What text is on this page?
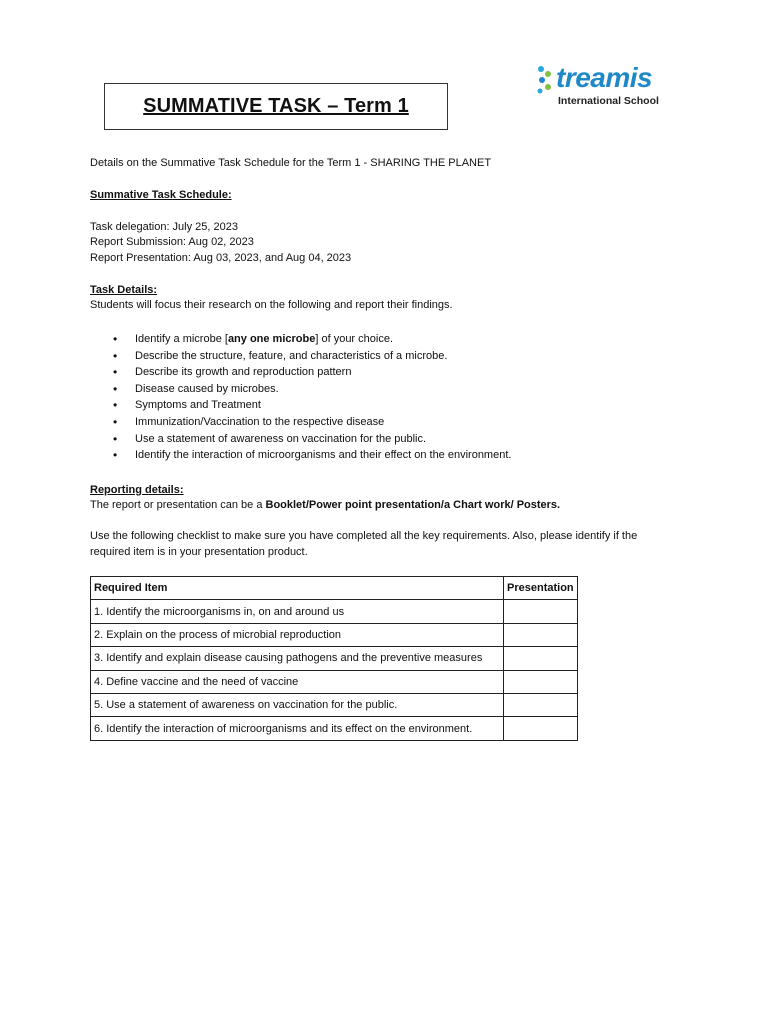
SUMMATIVE TASK – Term 1
treamis
International School
Details on the Summative Task Schedule for the Term 1 - SHARING THE PLANET
Summative Task Schedule:
Task delegation: July 25, 2023
Report Submission: Aug 02, 2023
Report Presentation: Aug 03, 2023, and Aug 04, 2023
Task Details:
Students will focus their research on the following and report their findings.
• Identify a microbe [any one microbe] of your choice.
• Describe the structure, feature, and characteristics of a microbe.
• Describe its growth and reproduction pattern
• Disease caused by microbes.
• Symptoms and Treatment
• Immunization/Vaccination to the respective disease
• Use a statement of awareness on vaccination for the public.
• Identify the interaction of microorganisms and their effect on the environment.
Reporting details:
The report or presentation can be a Booklet/Power point presentation/a Chart work/ Posters.
Use the following checklist to make sure you have completed all the key requirements. Also, please identify if the
required item is in your presentation product.
Required Item	Presentation
1. Identify the microorganisms in, on and around us	
2. Explain on the process of microbial reproduction	
3. Identify and explain disease causing pathogens and the preventive measures	
4. Define vaccine and the need of vaccine	
5. Use a statement of awareness on vaccination for the public.	
6. Identify the interaction of microorganisms and its effect on the environment.	
